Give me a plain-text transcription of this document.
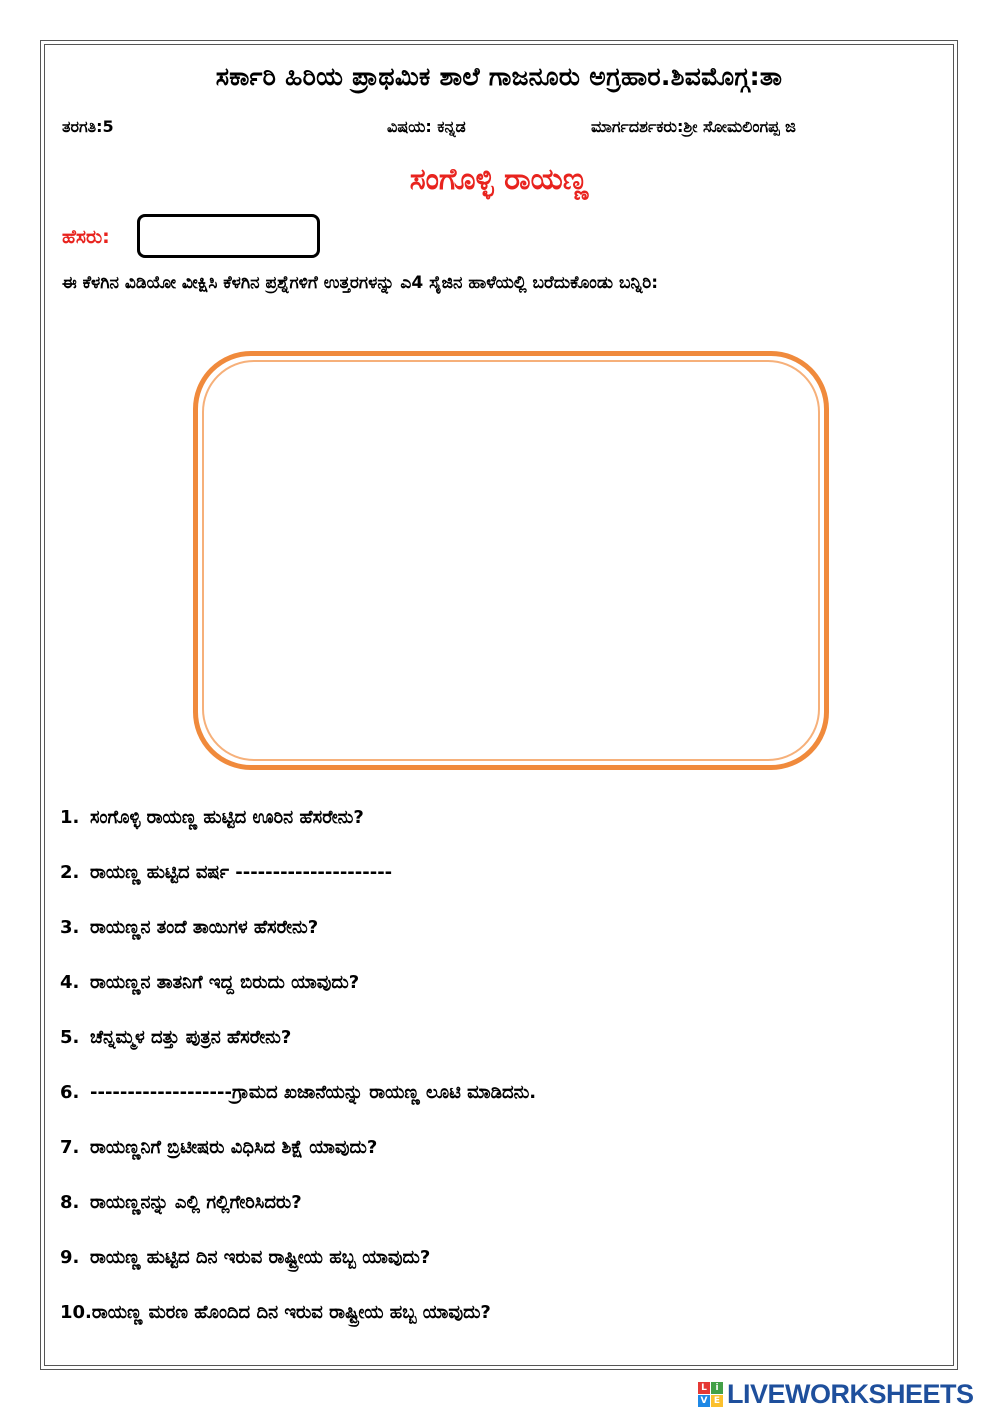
ಸರ್ಕಾರಿ ಹಿರಿಯ ಪ್ರಾಥಮಿಕ ಶಾಲೆ ಗಾಜನೂರು ಅಗ್ರಹಾರ.ಶಿವಮೊಗ್ಗ:ತಾ
ತರಗತಿ:5	ವಿಷಯ: ಕನ್ನಡ	ಮಾರ್ಗದರ್ಶಕರು:ಶ್ರೀ ಸೋಮಲಿಂಗಪ್ಪ ಜಿ
ಸಂಗೊಳ್ಳಿ ರಾಯಣ್ಣ
ಹೆಸರು:
ಈ ಕೆಳಗಿನ ವಿಡಿಯೋ ವೀಕ್ಷಿಸಿ ಕೆಳಗಿನ ಪ್ರಶ್ನೆಗಳಿಗೆ ಉತ್ತರಗಳನ್ನು ಎ4 ಸೈಜಿನ ಹಾಳೆಯಲ್ಲಿ ಬರೆದುಕೊಂಡು ಬನ್ನಿರಿ:
1. ಸಂಗೊಳ್ಳಿ ರಾಯಣ್ಣ ಹುಟ್ಟಿದ ಊರಿನ ಹೆಸರೇನು?
2. ರಾಯಣ್ಣ ಹುಟ್ಟಿದ ವರ್ಷ ---------------------
3. ರಾಯಣ್ಣನ ತಂದೆ ತಾಯಿಗಳ ಹೆಸರೇನು?
4. ರಾಯಣ್ಣನ ತಾತನಿಗೆ ಇದ್ದ ಬಿರುದು ಯಾವುದು?
5. ಚೆನ್ನಮ್ಮಳ ದತ್ತು ಪುತ್ರನ ಹೆಸರೇನು?
6. -------------------ಗ್ರಾಮದ ಖಜಾನೆಯನ್ನು ರಾಯಣ್ಣ ಲೂಟಿ ಮಾಡಿದನು.
7. ರಾಯಣ್ಣನಿಗೆ ಬ್ರಿಟೀಷರು ವಿಧಿಸಿದ ಶಿಕ್ಷೆ ಯಾವುದು?
8. ರಾಯಣ್ಣನನ್ನು ಎಲ್ಲಿ ಗಲ್ಲಿಗೇರಿಸಿದರು?
9. ರಾಯಣ್ಣ ಹುಟ್ಟಿದ ದಿನ ಇರುವ ರಾಷ್ಟ್ರೀಯ ಹಬ್ಬ ಯಾವುದು?
10. ರಾಯಣ್ಣ ಮರಣ ಹೊಂದಿದ ದಿನ ಇರುವ ರಾಷ್ಟ್ರೀಯ ಹಬ್ಬ ಯಾವುದು?
L i
V E LIVEWORKSHEETS
